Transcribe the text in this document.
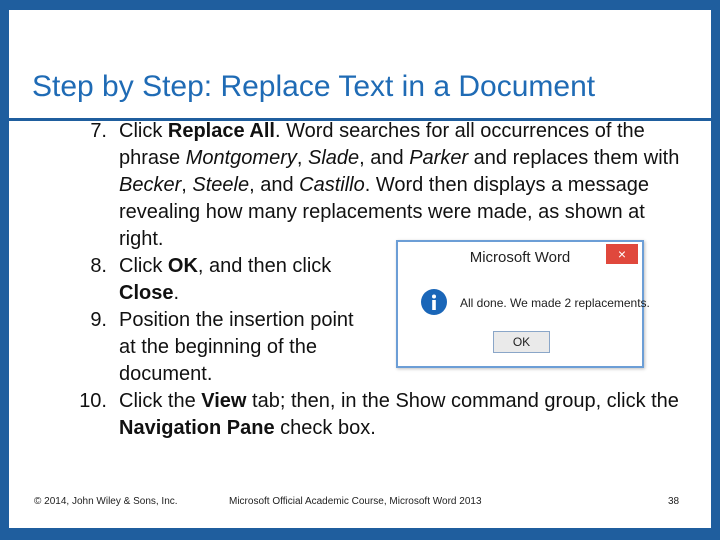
Step by Step: Replace Text in a Document
7. Click Replace All. Word searches for all occurrences of the phrase Montgomery, Slade, and Parker and replaces them with Becker, Steele, and Castillo. Word then displays a message revealing how many replacements were made, as shown at right.
8. Click OK, and then click Close.
9. Position the insertion point at the beginning of the document.
10. Click the View tab; then, in the Show command group, click the Navigation Pane check box.
Microsoft Word	×
All done. We made 2 replacements.
OK
© 2014, John Wiley & Sons, Inc.	Microsoft Official Academic Course, Microsoft Word 2013	38
